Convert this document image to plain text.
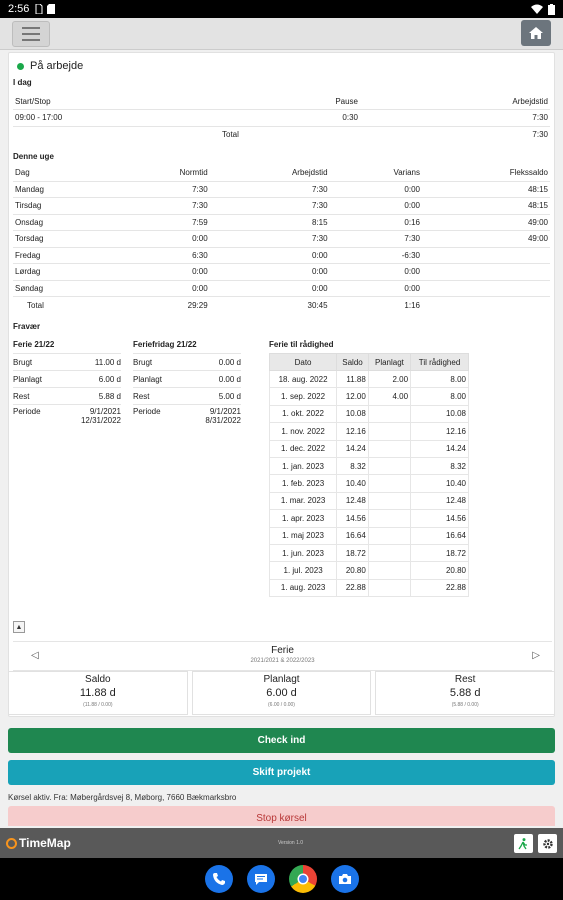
2:56
På arbejde
I dag
Start/Stop	Pause	Arbejdstid
09:00 - 17:00	0:30	7:30
	Total	7:30
Denne uge
Dag	Normtid	Arbejdstid	Varians	Flekssaldo
Mandag	7:30	7:30	0:00	48:15
Tirsdag	7:30	7:30	0:00	48:15
Onsdag	7:59	8:15	0:16	49:00
Torsdag	0:00	7:30	7:30	49:00
Fredag	6:30	0:00	-6:30	
Lørdag	0:00	0:00	0:00	
Søndag	0:00	0:00	0:00	
Total	29:29	30:45	1:16	
Fravær
Ferie 21/22
Brugt	11.00 d
Planlagt	6.00 d
Rest	5.88 d
Periode	9/1/2021
12/31/2022
Feriefridag 21/22
Brugt	0.00 d
Planlagt	0.00 d
Rest	5.00 d
Periode	9/1/2021
8/31/2022
Ferie til rådighed
Dato	Saldo	Planlagt	Til rådighed
18. aug. 2022	11.88	2.00	8.00
1. sep. 2022	12.00	4.00	8.00
1. okt. 2022	10.08		10.08
1. nov. 2022	12.16		12.16
1. dec. 2022	14.24		14.24
1. jan. 2023	8.32		8.32
1. feb. 2023	10.40		10.40
1. mar. 2023	12.48		12.48
1. apr. 2023	14.56		14.56
1. maj 2023	16.64		16.64
1. jun. 2023	18.72		18.72
1. jul. 2023	20.80		20.80
1. aug. 2023	22.88		22.88
▲
◁	Ferie
2021/2021 & 2022/2023	▷
Saldo
11.88 d
(11.88 / 0.00)
Planlagt
6.00 d
(6.00 / 0.00)
Rest
5.88 d
(5.88 / 0.00)
Check ind
Skift projekt
Kørsel aktiv. Fra: Møbergårdsvej 8, Møborg, 7660 Bækmarksbro
Stop kørsel
TimeMap	Version 1.0
